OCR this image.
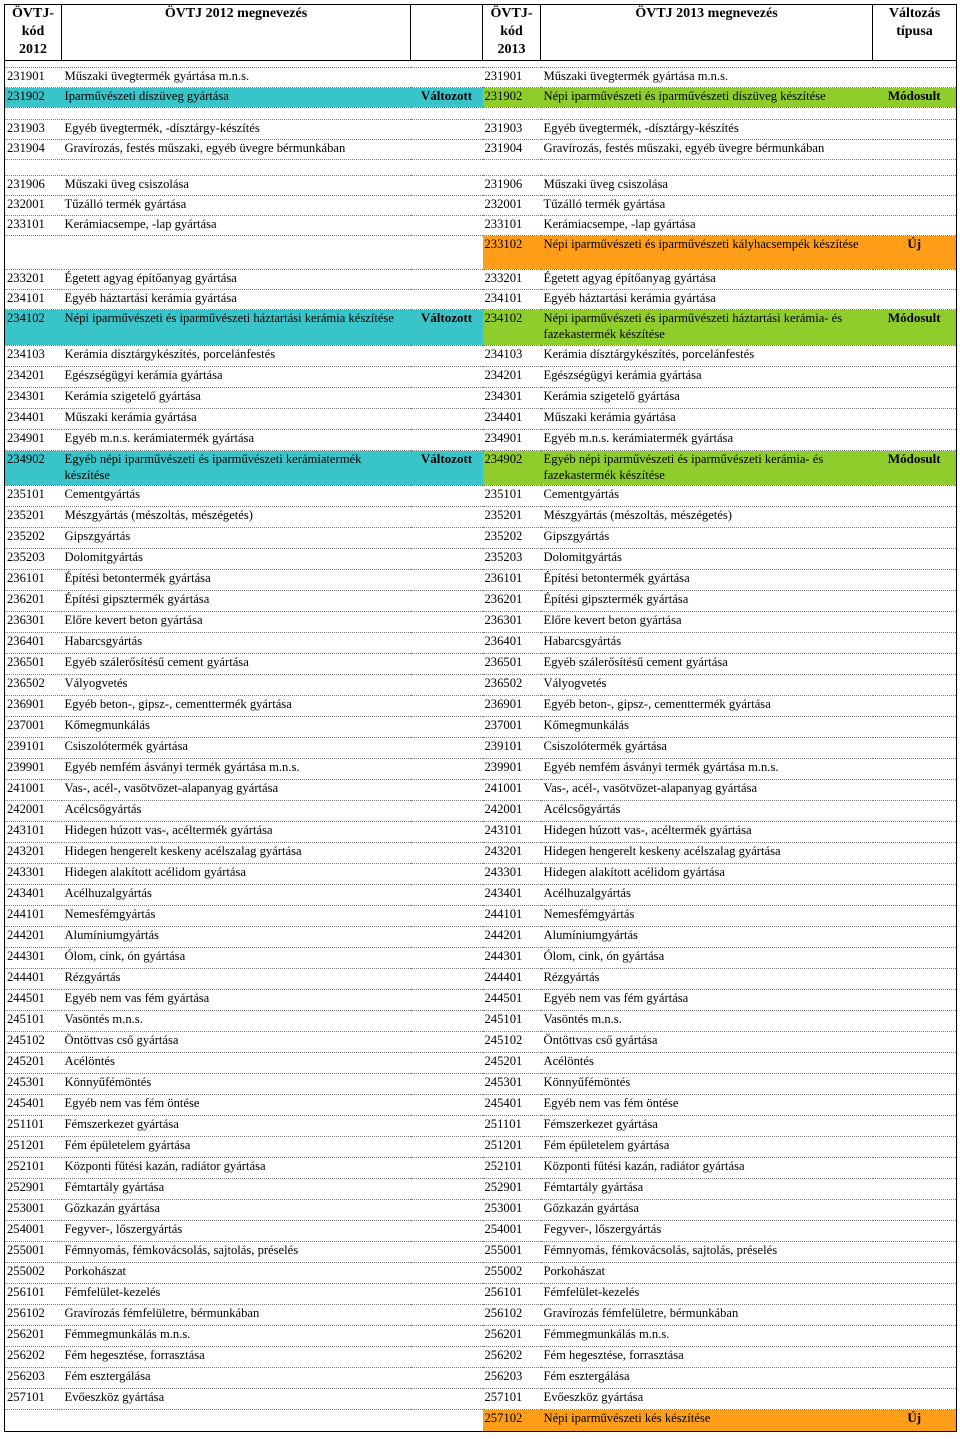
ÖVTJ-kód 2012	ÖVTJ 2012 megnevezés		ÖVTJ-kód 2013	ÖVTJ 2013 megnevezés	Változás típusa

231901	Műszaki üvegtermék gyártása m.n.s.		231901	Műszaki üvegtermék gyártása m.n.s.	
231902	Iparművészeti díszüveg gyártása	Változott	231902	Népi iparművészeti és iparművészeti díszüveg készítése	Módosult

231903	Egyéb üvegtermék, -dísztárgy-készítés		231903	Egyéb üvegtermék, -dísztárgy-készítés	
231904	Gravírozás, festés műszaki, egyéb üvegre bérmunkában		231904	Gravírozás, festés műszaki, egyéb üvegre bérmunkában	

231906	Műszaki üveg csiszolása		231906	Műszaki üveg csiszolása	
232001	Tűzálló termék gyártása		232001	Tűzálló termék gyártása	
233101	Kerámiacsempe, -lap gyártása		233101	Kerámiacsempe, -lap gyártása	
			233102	Népi iparművészeti és iparművészeti kályhacsempék készítése	Új
233201	Égetett agyag építőanyag gyártása		233201	Égetett agyag építőanyag gyártása	
234101	Egyéb háztartási kerámia gyártása		234101	Egyéb háztartási kerámia gyártása	
234102	Népi iparművészeti és iparművészeti háztartási kerámia készítése	Változott	234102	Népi iparművészeti és iparművészeti háztartási kerámia- és fazekastermék készítése	Módosult
234103	Kerámia dísztárgykészítés, porcelánfestés		234103	Kerámia dísztárgykészítés, porcelánfestés	
234201	Egészségügyi kerámia gyártása		234201	Egészségügyi kerámia gyártása	
234301	Kerámia szigetelő gyártása		234301	Kerámia szigetelő gyártása	
234401	Műszaki kerámia gyártása		234401	Műszaki kerámia gyártása	
234901	Egyéb m.n.s. kerámiatermék gyártása		234901	Egyéb m.n.s. kerámiatermék gyártása	
234902	Egyéb népi iparművészeti és iparművészeti kerámiatermék készítése	Változott	234902	Egyéb népi iparművészeti és iparművészeti kerámia- és fazekastermék készítése	Módosult
235101	Cementgyártás		235101	Cementgyártás	
235201	Mészgyártás (mészoltás, mészégetés)		235201	Mészgyártás (mészoltás, mészégetés)	
235202	Gipszgyártás		235202	Gipszgyártás	
235203	Dolomitgyártás		235203	Dolomitgyártás	
236101	Építési betontermék gyártása		236101	Építési betontermék gyártása	
236201	Építési gipsztermék gyártása		236201	Építési gipsztermék gyártása	
236301	Előre kevert beton gyártása		236301	Előre kevert beton gyártása	
236401	Habarcsgyártás		236401	Habarcsgyártás	
236501	Egyéb szálerősítésű cement gyártása		236501	Egyéb szálerősítésű cement gyártása	
236502	Vályogvetés		236502	Vályogvetés	
236901	Egyéb beton-, gipsz-, cementtermék gyártása		236901	Egyéb beton-, gipsz-, cementtermék gyártása	
237001	Kőmegmunkálás		237001	Kőmegmunkálás	
239101	Csiszolótermék gyártása		239101	Csiszolótermék gyártása	
239901	Egyéb nemfém ásványi termék gyártása m.n.s.		239901	Egyéb nemfém ásványi termék gyártása m.n.s.	
241001	Vas-, acél-, vasötvözet-alapanyag gyártása		241001	Vas-, acél-, vasötvözet-alapanyag gyártása	
242001	Acélcsőgyártás		242001	Acélcsőgyártás	
243101	Hidegen húzott vas-, acéltermék gyártása		243101	Hidegen húzott vas-, acéltermék gyártása	
243201	Hidegen hengerelt keskeny acélszalag gyártása		243201	Hidegen hengerelt keskeny acélszalag gyártása	
243301	Hidegen alakított acélidom gyártása		243301	Hidegen alakított acélidom gyártása	
243401	Acélhuzalgyártás		243401	Acélhuzalgyártás	
244101	Nemesfémgyártás		244101	Nemesfémgyártás	
244201	Alumíniumgyártás		244201	Alumíniumgyártás	
244301	Ólom, cink, ón gyártása		244301	Ólom, cink, ón gyártása	
244401	Rézgyártás		244401	Rézgyártás	
244501	Egyéb nem vas fém gyártása		244501	Egyéb nem vas fém gyártása	
245101	Vasöntés m.n.s.		245101	Vasöntés m.n.s.	
245102	Öntöttvas cső gyártása		245102	Öntöttvas cső gyártása	
245201	Acélöntés		245201	Acélöntés	
245301	Könnyűfémöntés		245301	Könnyűfémöntés	
245401	Egyéb nem vas fém öntése		245401	Egyéb nem vas fém öntése	
251101	Fémszerkezet gyártása		251101	Fémszerkezet gyártása	
251201	Fém épületelem gyártása		251201	Fém épületelem gyártása	
252101	Központi fűtési kazán, radiátor gyártása		252101	Központi fűtési kazán, radiátor gyártása	
252901	Fémtartály gyártása		252901	Fémtartály gyártása	
253001	Gőzkazán gyártása		253001	Gőzkazán gyártása	
254001	Fegyver-, lőszergyártás		254001	Fegyver-, lőszergyártás	
255001	Fémnyomás, fémkovácsolás, sajtolás, préselés		255001	Fémnyomás, fémkovácsolás, sajtolás, préselés	
255002	Porkohászat		255002	Porkohászat	
256101	Fémfelület-kezelés		256101	Fémfelület-kezelés	
256102	Gravírozás fémfelületre, bérmunkában		256102	Gravírozás fémfelületre, bérmunkában	
256201	Fémmegmunkálás m.n.s.		256201	Fémmegmunkálás m.n.s.	
256202	Fém hegesztése, forrasztása		256202	Fém hegesztése, forrasztása	
256203	Fém esztergálása		256203	Fém esztergálása	
257101	Evőeszköz gyártása		257101	Evőeszköz gyártása	
			257102	Népi iparművészeti kés készítése	Új
